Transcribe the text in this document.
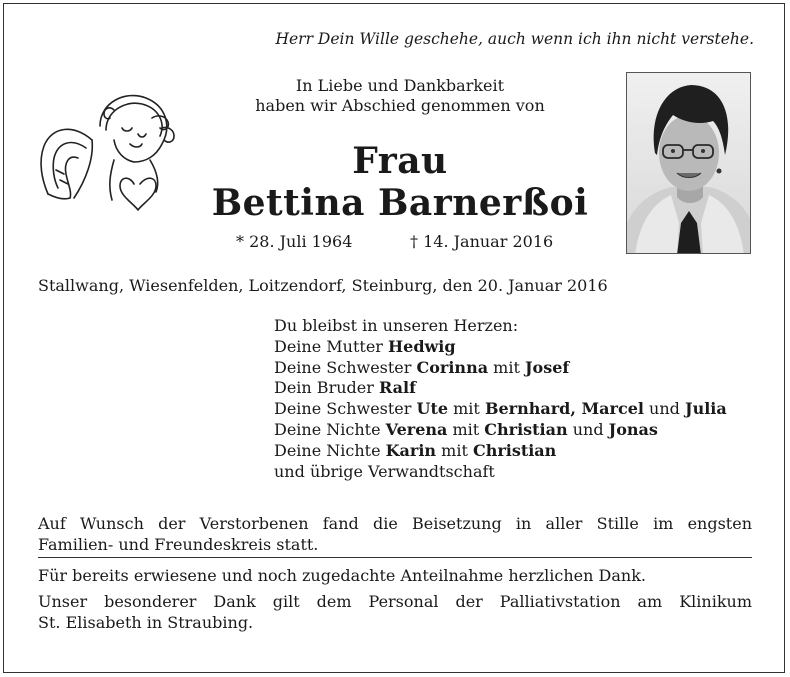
Herr Dein Wille geschehe, auch wenn ich ihn nicht verstehe.
In Liebe und Dankbarkeit
haben wir Abschied genommen von
Frau
Bettina Barnerßoi
* 28. Juli 1964	† 14. Januar 2016
Stallwang, Wiesenfelden, Loitzendorf, Steinburg, den 20. Januar 2016
Du bleibst in unseren Herzen:
Deine Mutter Hedwig
Deine Schwester Corinna mit Josef
Dein Bruder Ralf
Deine Schwester Ute mit Bernhard, Marcel und Julia
Deine Nichte Verena mit Christian und Jonas
Deine Nichte Karin mit Christian
und übrige Verwandtschaft
Auf Wunsch der Verstorbenen fand die Beisetzung in aller Stille im engsten
Familien- und Freundeskreis statt.
Für bereits erwiesene und noch zugedachte Anteilnahme herzlichen Dank.
Unser besonderer Dank gilt dem Personal der Palliativstation am Klinikum
St. Elisabeth in Straubing.
